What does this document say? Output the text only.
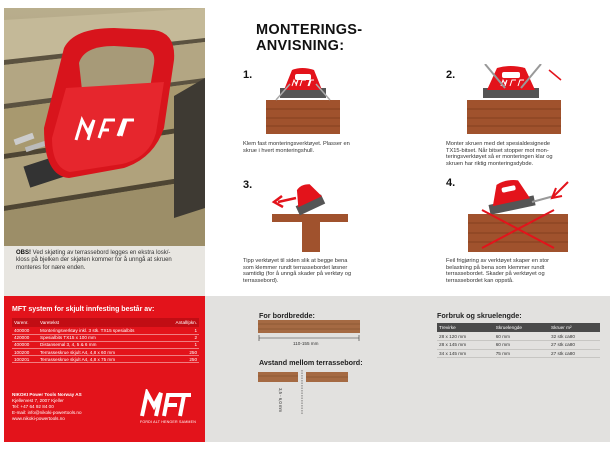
OBS! Ved skjøting av terrassebord legges en ekstra losk/-
kloss på bjelken der skjøten kommer for å unngå at skruen
monteres for nære enden.
MFT system for skjult innfesting består av:
Varenr.	Varetekst	Antall/pkn.
400000	Monteringsverktøy inkl. 3 stk. TX15 spesialbits	1
420000	Spesialbits TX15 x 100 mm	2
400000	Distansemal 3, 4, 5 & 6 mm	1
100200	Terrasseskrue skjult A4, 4,8 x 60 mm	250
100201	Terrasseskrue skjult A4, 4,8 x 75 mm	250
NIKOKI Power Tools Norway AS
Kjellervest 7, 2007 Kjeller
Tel: +47 64 92 84 00
E-mail: info@nikoki-powertools.no
www.nikoki-powertools.no
FORDI ALT HENGER SAMMEN
MONTERINGS-
ANVISNING:
1.
Klem fast monteringsverktøyet. Plasser en
skrue i hvert monteringshull.
2.
Monter skruen med det spesialdesignede
TX15-bitset. Når bitset stopper mot mon-
teringsverktøyet så er monteringen klar og
skruen har riktig monteringsdybde.
3.
Tipp verktøyet til siden slik at begge bena
som klemmer rundt terrassebordet løsner
samtidig (for å unngå skader på verktøy og
terrassebord).
4.
Feil frigjøring av verktøyet skaper en stor
belastning på bena som klemmer rundt
terrassebordet. Skader på verktøyet og
terrassebordet kan oppstå.
For bordbredde:
110-155 mm
Avstand mellom terrassebord:
3,5 - 6,0 mm
Forbruk og skruelengde:
Trevirke	Skruelengde	Skruer m²
28 x 120 mm	60 mm	32 stk ca80
28 x 145 mm	60 mm	27 stk ca80
34 x 145 mm	75 mm	27 stk ca80
